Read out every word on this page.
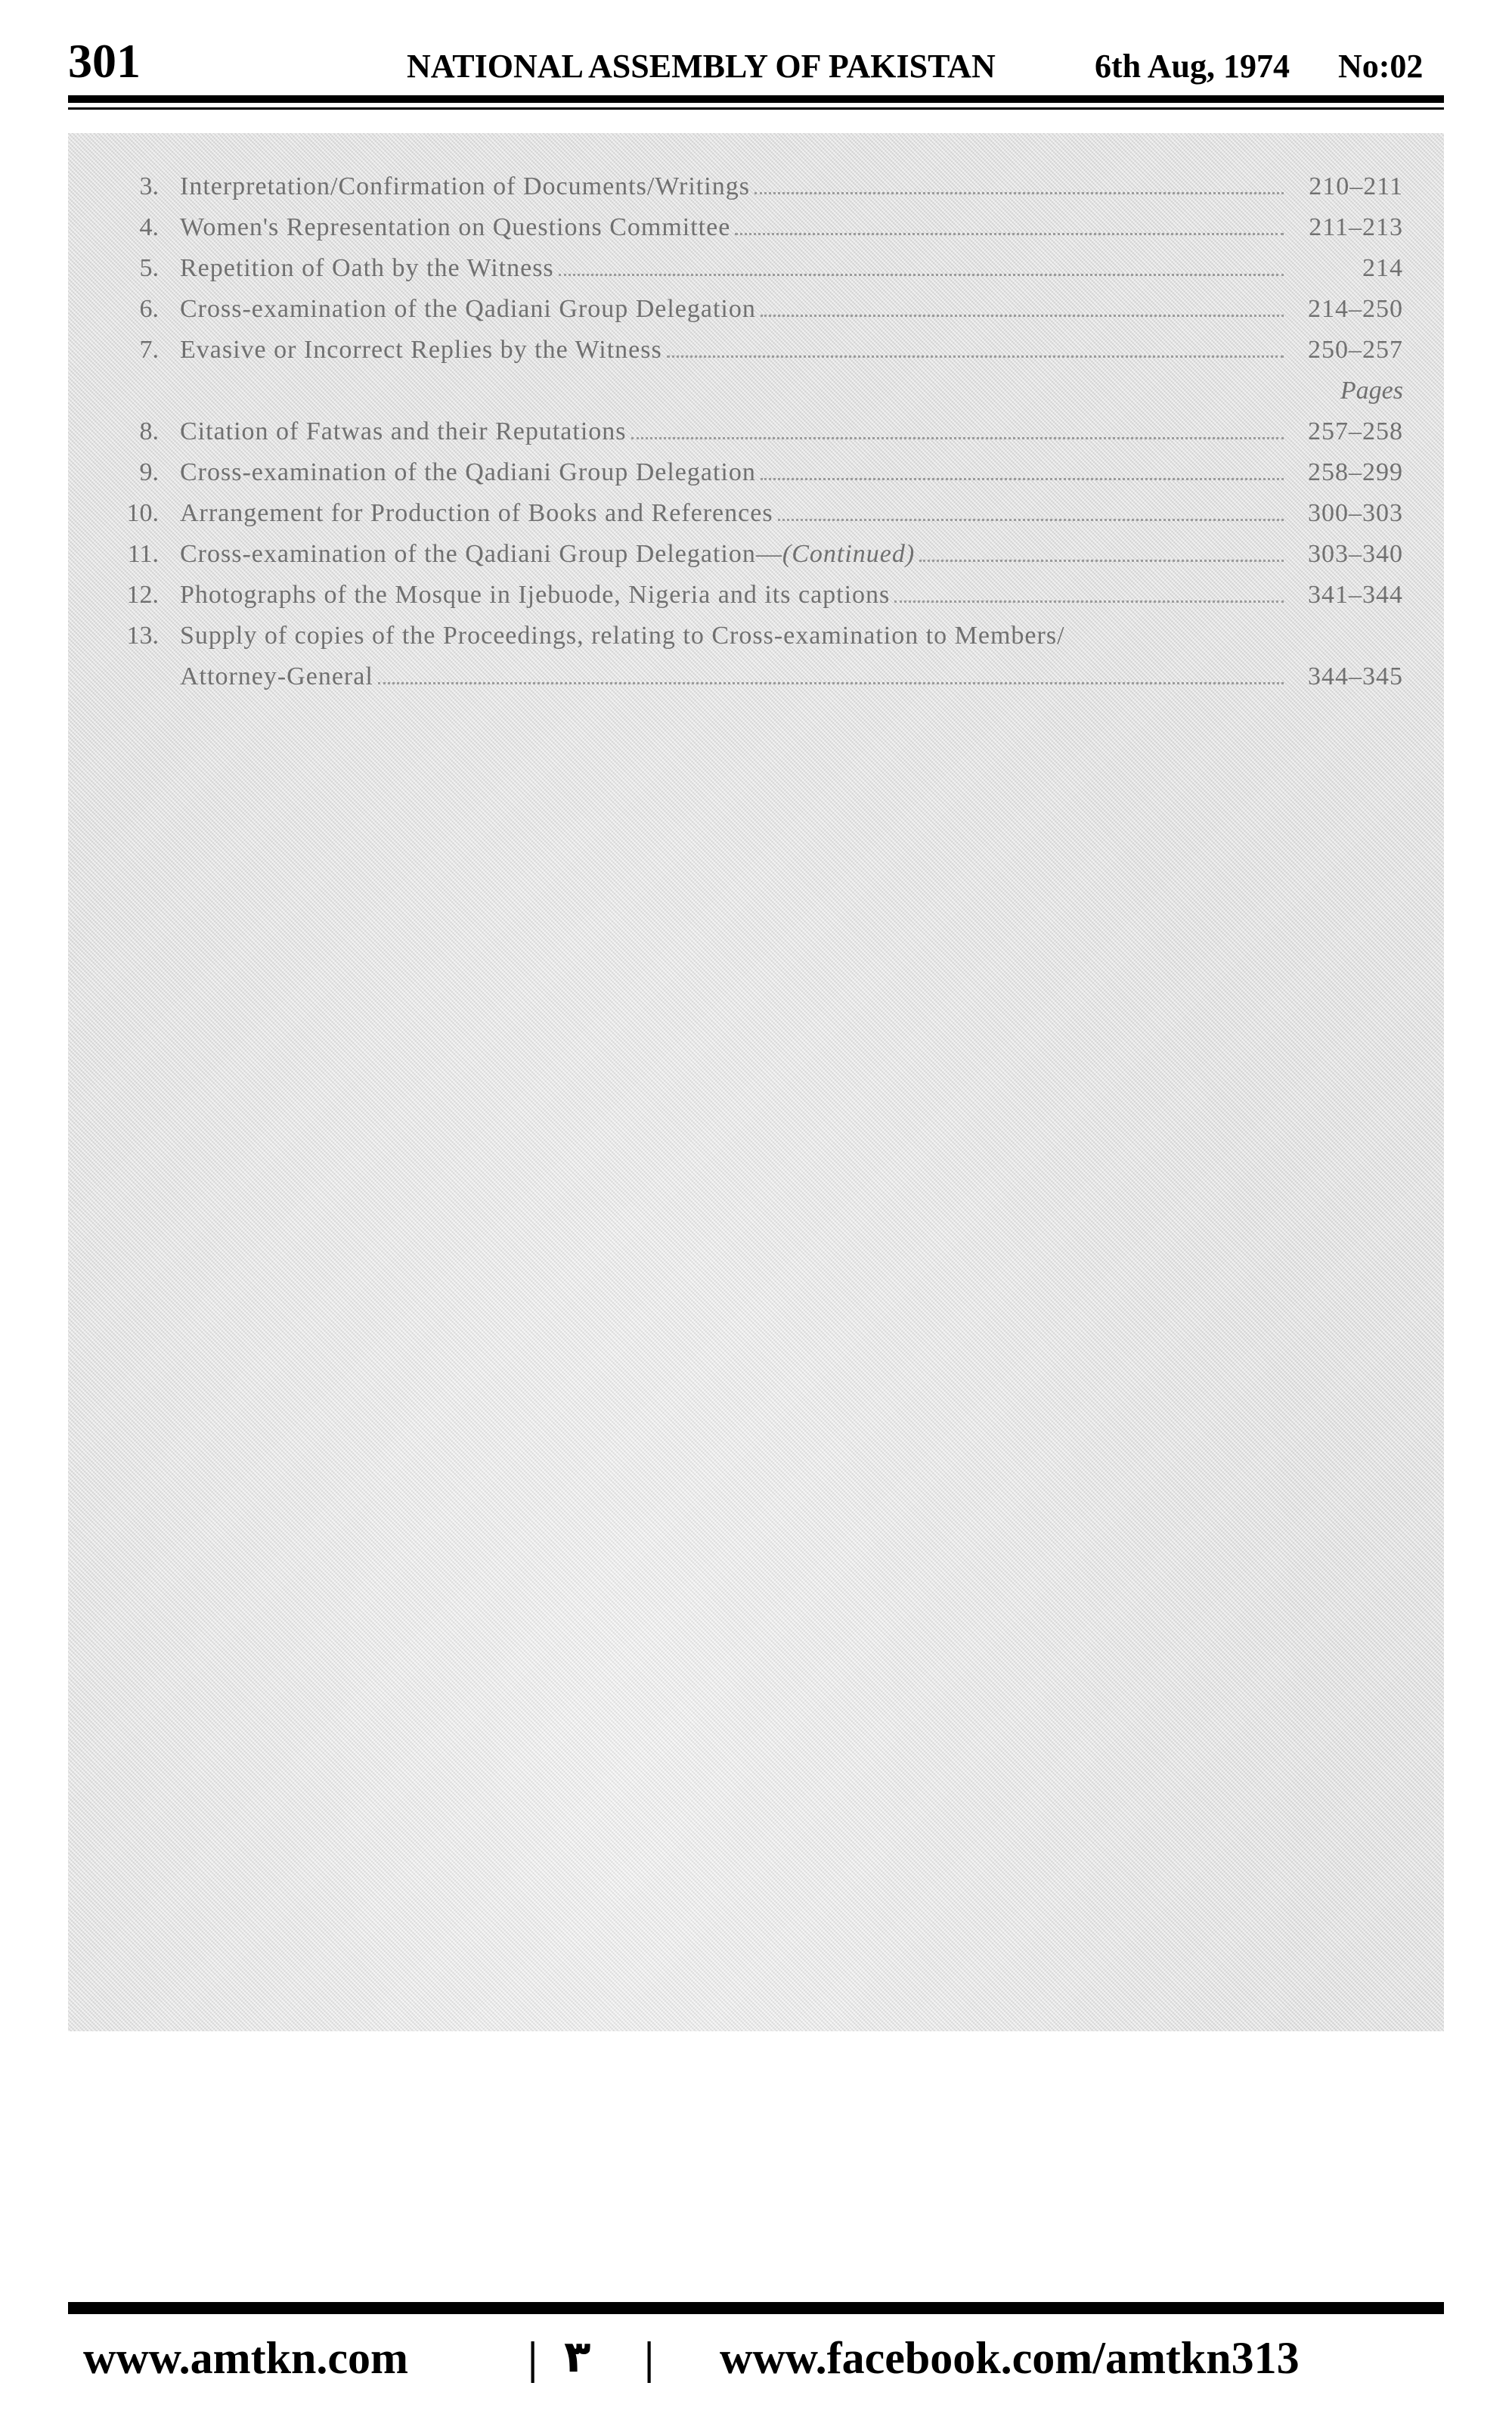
301	NATIONAL ASSEMBLY OF PAKISTAN	6th Aug, 1974 No:02
3. Interpretation/Confirmation of Documents/Writings	210–211
4. Women's Representation on Questions Committee	211–213
5. Repetition of Oath by the Witness	214
6. Cross-examination of the Qadiani Group Delegation	214–250
7. Evasive or Incorrect Replies by the Witness	250–257
Pages
8. Citation of Fatwas and their Reputations	257–258
9. Cross-examination of the Qadiani Group Delegation	258–299
10. Arrangement for Production of Books and References	300–303
11. Cross-examination of the Qadiani Group Delegation— (Continued)	303–340
12. Photographs of the Mosque in Ijebuode, Nigeria and its captions	341–344
13. Supply of copies of the Proceedings, relating to Cross-examination to Members/
Attorney-General	344–345
www.amtkn.com	| ۳ | www.facebook.com/amtkn313
